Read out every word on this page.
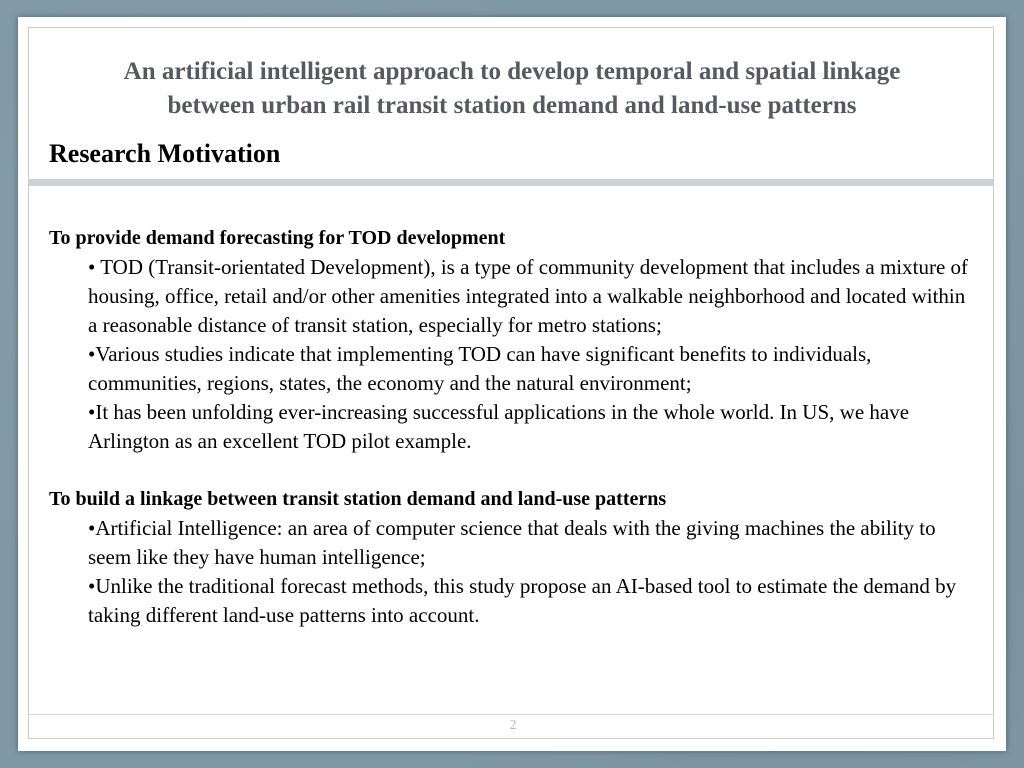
An artificial intelligent approach to develop temporal and spatial linkage
between urban rail transit station demand and land-use patterns
Research Motivation

To provide demand forecasting for TOD development

• TOD (Transit-orientated Development), is a type of community development that includes a mixture of housing, office, retail and/or other amenities integrated into a walkable neighborhood and located within a reasonable distance of transit station, especially for metro stations;

•Various studies indicate that implementing TOD can have significant benefits to individuals, communities, regions, states, the economy and the natural environment;

•It has been unfolding ever-increasing successful applications in the whole world. In US, we have Arlington as an excellent TOD pilot example.

To build a linkage between transit station demand and land-use patterns

•Artificial Intelligence: an area of computer science that deals with the giving machines the ability to seem like they have human intelligence;

•Unlike the traditional forecast methods, this study propose an AI-based tool to estimate the demand by taking different land-use patterns into account.

2
